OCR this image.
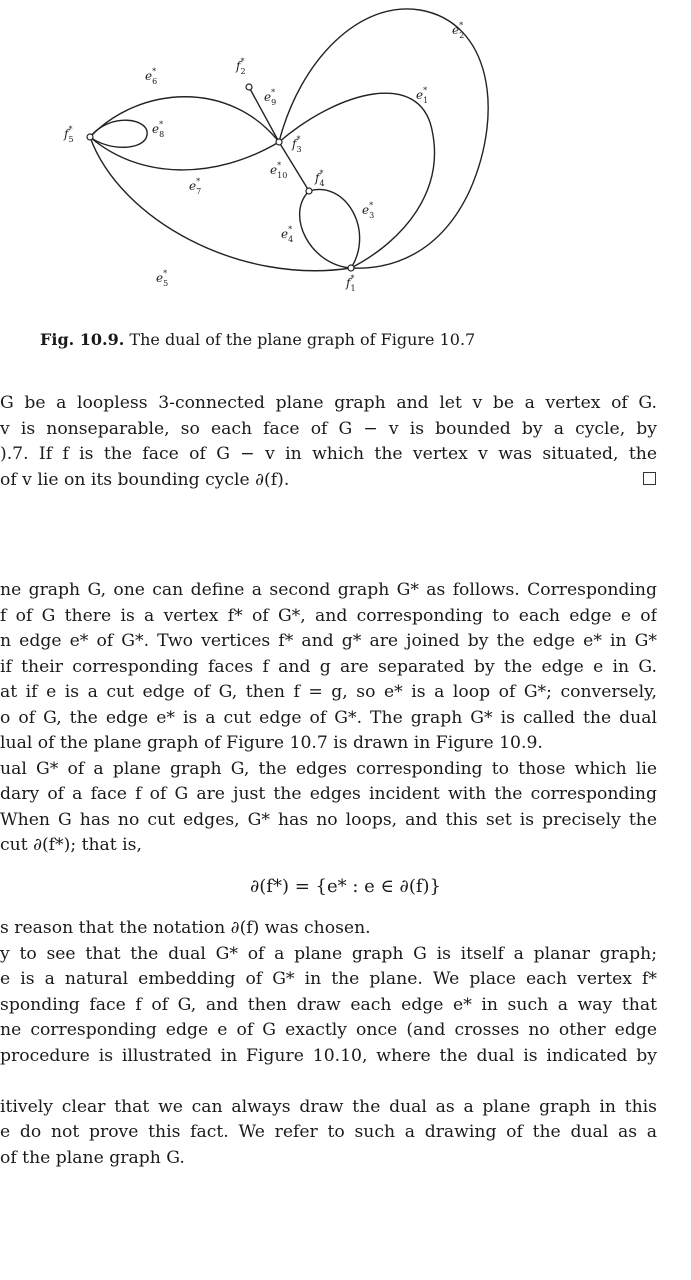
f* 5
f* 2
f* 3
f* 4
f* 1
e* 2
e* 1
e* 6
e* 9
e* 8
e* 10
e* 7
e* 3
e* 4
e* 5
Fig. 10.9. The dual of the plane graph of Figure 10.7
G be a loopless 3-connected plane graph and let v be a vertex of G.
v is nonseparable, so each face of G − v is bounded by a cycle, by
).7. If f is the face of G − v in which the vertex v was situated, the
of v lie on its bounding cycle ∂(f).
ne graph G, one can define a second graph G* as follows. Corresponding
f of G there is a vertex f* of G*, and corresponding to each edge e of
n edge e* of G*. Two vertices f* and g* are joined by the edge e* in G*
if their corresponding faces f and g are separated by the edge e in G.
at if e is a cut edge of G, then f = g, so e* is a loop of G*; conversely,
o of G, the edge e* is a cut edge of G*. The graph G* is called the dual
lual of the plane graph of Figure 10.7 is drawn in Figure 10.9.
ual G* of a plane graph G, the edges corresponding to those which lie
dary of a face f of G are just the edges incident with the corresponding
When G has no cut edges, G* has no loops, and this set is precisely the
cut ∂(f*); that is,
∂(f*) = {e* : e ∈ ∂(f)}
s reason that the notation ∂(f) was chosen.
y to see that the dual G* of a plane graph G is itself a planar graph;
e is a natural embedding of G* in the plane. We place each vertex f*
sponding face f of G, and then draw each edge e* in such a way that
ne corresponding edge e of G exactly once (and crosses no other edge
procedure is illustrated in Figure 10.10, where the dual is indicated by
itively clear that we can always draw the dual as a plane graph in this
e do not prove this fact. We refer to such a drawing of the dual as a
of the plane graph G.
